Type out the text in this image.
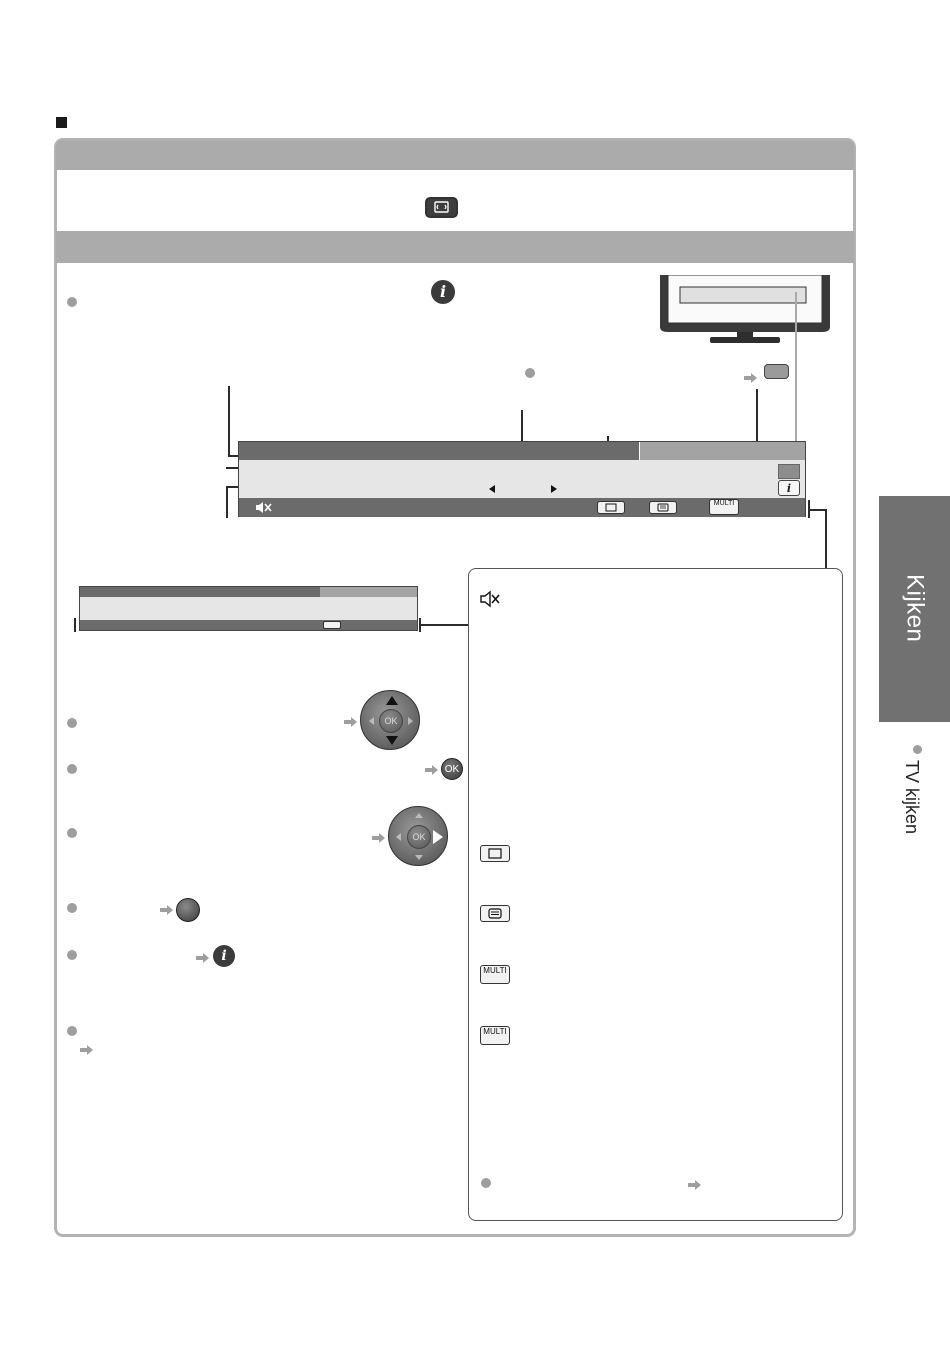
i
i
MULTI
MULTI
MULTI
OK
OK
OK
i
Kijken
TV kijken
